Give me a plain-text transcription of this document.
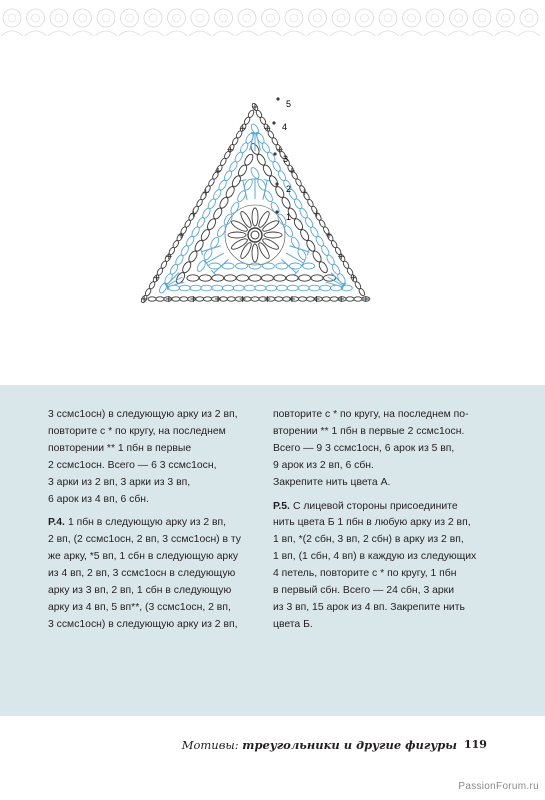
1
2
3
4
5

3 ссмс1осн) в следующую арку из 2 вп,
повторите с * по кругу, на последнем
повторении ** 1 пбн в первые
2 ссмс1осн. Всего — 6 3 ссмс1осн,
3 арки из 2 вп, 3 арки из 3 вп,
6 арок из 4 вп, 6 сбн.

Р.4. 1 пбн в следующую арку из 2 вп,
2 вп, (2 ссмс1осн, 2 вп, 3 ссмс1осн) в ту
же арку, *5 вп, 1 сбн в следующую арку
из 4 вп, 2 вп, 3 ссмс1осн в следующую
арку из 3 вп, 2 вп, 1 сбн в следующую
арку из 4 вп, 5 вп**, (3 ссмс1осн, 2 вп,
3 ссмс1осн) в следующую арку из 2 вп,

повторите с * по кругу, на последнем по-
вторении ** 1 пбн в первые 2 ссмс1осн.
Всего — 9 3 ссмс1осн, 6 арок из 5 вп,
9 арок из 2 вп, 6 сбн.
Закрепите нить цвета А.

Р.5. С лицевой стороны присоедините
нить цвета Б 1 пбн в любую арку из 2 вп,
1 вп, *(2 сбн, 3 вп, 2 сбн) в арку из 2 вп,
1 вп, (1 сбн, 4 вп) в каждую из следующих
4 петель, повторите с * по кругу, 1 пбн
в первый сбн. Всего — 24 сбн, 3 арки
из 3 вп, 15 арок из 4 вп. Закрепите нить
цвета Б.

Мотивы: треугольники и другие фигуры 119
PassionForum.ru
